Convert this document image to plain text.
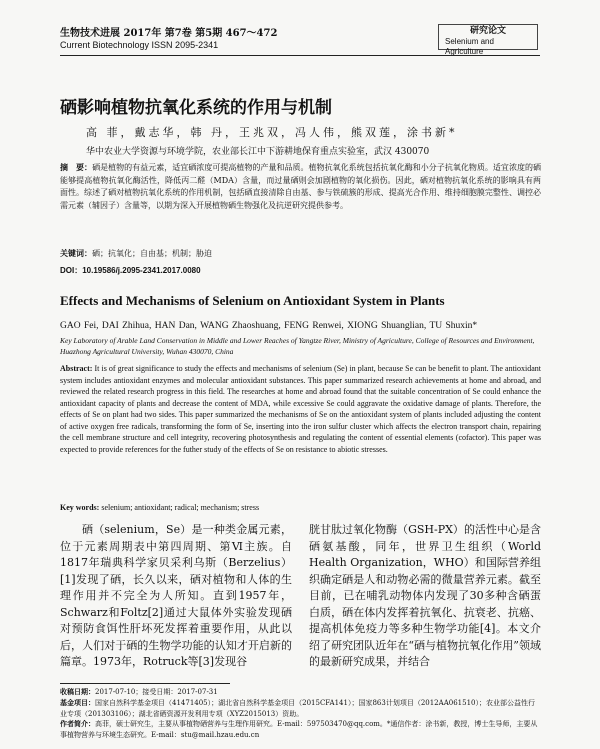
生物技术进展 2017年 第7卷 第5期 467～472
Current Biotechnology ISSN 2095-2341
研究论文
Selenium and Agriculture
硒影响植物抗氧化系统的作用与机制
高 菲，戴志华，韩 丹，王兆双，冯人伟，熊双莲，涂书新*
华中农业大学资源与环境学院，农业部长江中下游耕地保育重点实验室，武汉 430070
摘　要：硒是植物的有益元素，适宜硒浓度可提高植物的产量和品质。植物抗氧化系统包括抗氧化酶和小分子抗氧化物质。适宜浓度的硒能够提高植物抗氧化酶活性，降低丙二醛（MDA）含量，而过量硒则会加剧植物的氧化损伤。因此，硒对植物抗氧化系统的影响具有两面性。综述了硒对植物抗氧化系统的作用机制，包括硒直接清除自由基、参与铁硫簇的形成、提高光合作用、维持细胞膜完整性、调控必需元素（辅因子）含量等，以期为深入开展植物硒生物强化及抗逆研究提供参考。
关键词：硒；抗氧化；自由基；机制；胁迫
DOI：10.19586/j.2095-2341.2017.0080
Effects and Mechanisms of Selenium on Antioxidant System in Plants
GAO Fei, DAI Zhihua, HAN Dan, WANG Zhaoshuang, FENG Renwei, XIONG Shuanglian, TU Shuxin*
Key Laboratory of Arable Land Conservation in Middle and Lower Reaches of Yangtze River, Ministry of Agriculture, College of Resources and Environment, Huazhong Agricultural University, Wuhan 430070, China
Abstract: It is of great significance to study the effects and mechanisms of selenium (Se) in plant, because Se can be benefit to plant. The antioxidant system includes antioxidant enzymes and molecular antioxidant substances. This paper summarized research achievements at home and abroad, and reviewed the related research progress in this field. The researches at home and abroad found that the suitable concentration of Se could enhance the antioxidant capacity of plants and decrease the content of MDA, while excessive Se could aggravate the oxidative damage of plants. Therefore, the effects of Se on plant had two sides. This paper summarized the mechanisms of Se on the antioxidant system of plants included adjusting the content of active oxygen free radicals, transforming the form of Se, inserting into the iron sulfur cluster which affects the electron transport chain, repairing the cell membrane structure and cell integrity, recovering photosynthesis and regulating the content of essential elements (cofactor). This paper was expected to provide references for the futher study of the effects of Se on resistance to abiotic stresses.
Key words: selenium; antioxidant; radical; mechanism; stress
硒（selenium，Se）是一种类金属元素，位于元素周期表中第四周期、第Ⅵ主族。自1817年瑞典科学家贝采利乌斯（Berzelius）[1]发现了硒，长久以来，硒对植物和人体的生理作用并不完全为人所知。直到1957年，Schwarz和Foltz[2]通过大鼠体外实验发现硒对预防食饵性肝坏死发挥着重要作用，从此以后，人们对于硒的生物学功能的认知才开启新的篇章。1973年，Rotruck等[3]发现谷
胱甘肽过氧化物酶（GSH-PX）的活性中心是含硒氨基酸，同年，世界卫生组织（World Health Organization，WHO）和国际营养组织确定硒是人和动物必需的微量营养元素。截至目前，已在哺乳动物体内发现了30多种含硒蛋白质，硒在体内发挥着抗氧化、抗衰老、抗癌、提高机体免疫力等多种生物学功能[4]。本文介绍了研究团队近年在“硒与植物抗氧化作用”领域的最新研究成果，并结合
收稿日期：2017-07-10；接受日期：2017-07-31
基金项目：国家自然科学基金项目（41471405）；湖北省自然科学基金项目（2015CFA141）；国家863计划项目（2012AA061510）；农业部公益性行业专项（201303106）；湖北省硒资源开发利用专项（XYZ2015013）资助。
作者简介：高菲，硕士研究生，主要从事植物硒营养与生理作用研究。E-mail：597503470@qq.com。*通信作者：涂书新，教授，博士生导师，主要从事植物营养与环境生态研究。E-mail：stu@mail.hzau.edu.cn
